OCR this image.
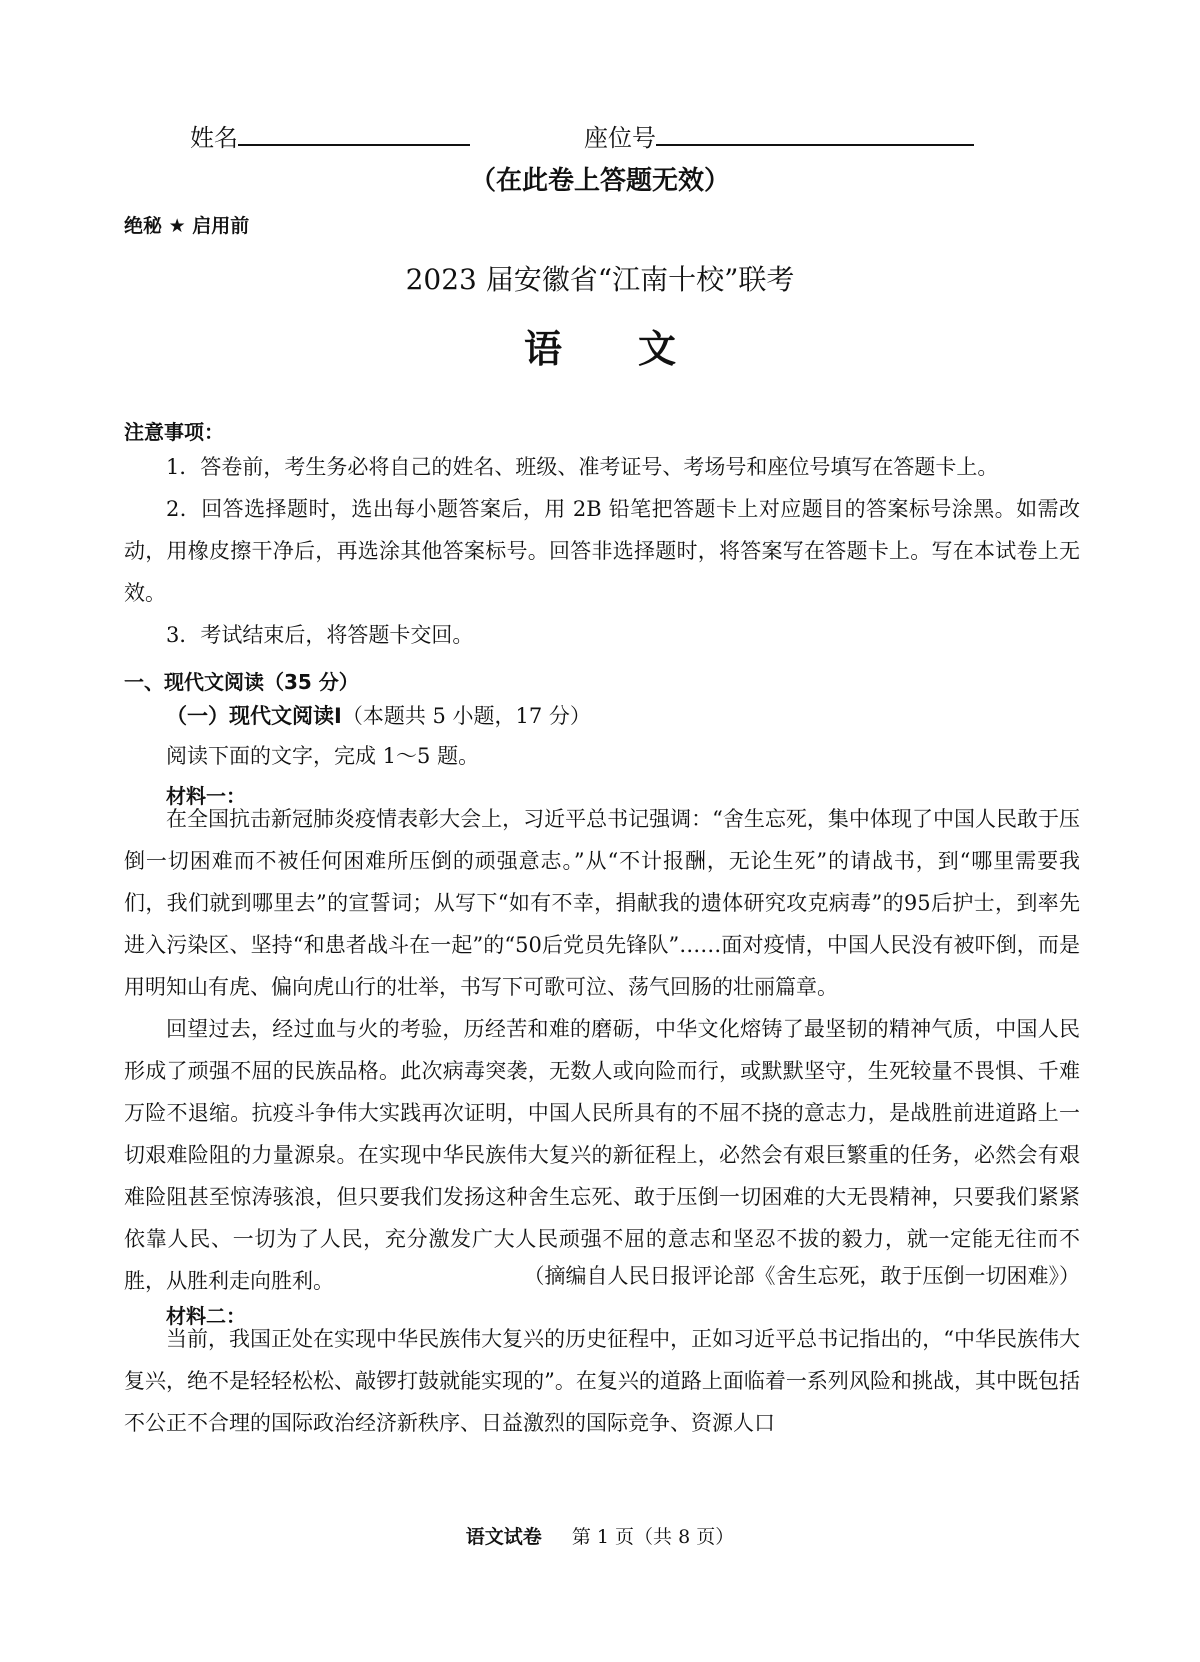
姓名	座位号
（在此卷上答题无效）
绝秘 ★ 启用前
2023 届安徽省“江南十校”联考
语　　文
注意事项：
1．答卷前，考生务必将自己的姓名、班级、准考证号、考场号和座位号填写在答题卡上。
2．回答选择题时，选出每小题答案后，用 2B 铅笔把答题卡上对应题目的答案标号涂黑。如需改动，用橡皮擦干净后，再选涂其他答案标号。回答非选择题时，将答案写在答题卡上。写在本试卷上无效。
3．考试结束后，将答题卡交回。
一、现代文阅读（35 分）
（一）现代文阅读Ⅰ（本题共 5 小题，17 分）
阅读下面的文字，完成 1～5 题。
材料一：
在全国抗击新冠肺炎疫情表彰大会上，习近平总书记强调：“舍生忘死，集中体现了中国人民敢于压倒一切困难而不被任何困难所压倒的顽强意志。”从“不计报酬，无论生死”的请战书，到“哪里需要我们，我们就到哪里去”的宣誓词；从写下“如有不幸，捐献我的遗体研究攻克病毒”的95后护士，到率先进入污染区、坚持“和患者战斗在一起”的“50后党员先锋队”……面对疫情，中国人民没有被吓倒，而是用明知山有虎、偏向虎山行的壮举，书写下可歌可泣、荡气回肠的壮丽篇章。
回望过去，经过血与火的考验，历经苦和难的磨砺，中华文化熔铸了最坚韧的精神气质，中国人民形成了顽强不屈的民族品格。此次病毒突袭，无数人或向险而行，或默默坚守，生死较量不畏惧、千难万险不退缩。抗疫斗争伟大实践再次证明，中国人民所具有的不屈不挠的意志力，是战胜前进道路上一切艰难险阻的力量源泉。在实现中华民族伟大复兴的新征程上，必然会有艰巨繁重的任务，必然会有艰难险阻甚至惊涛骇浪，但只要我们发扬这种舍生忘死、敢于压倒一切困难的大无畏精神，只要我们紧紧依靠人民、一切为了人民，充分激发广大人民顽强不屈的意志和坚忍不拔的毅力，就一定能无往而不胜，从胜利走向胜利。	（摘编自人民日报评论部《舍生忘死，敢于压倒一切困难》）
材料二：
当前，我国正处在实现中华民族伟大复兴的历史征程中，正如习近平总书记指出的，“中华民族伟大复兴，绝不是轻轻松松、敲锣打鼓就能实现的”。在复兴的道路上面临着一系列风险和挑战，其中既包括不公正不合理的国际政治经济新秩序、日益激烈的国际竞争、资源人口
语文试卷 第 1 页（共 8 页）
